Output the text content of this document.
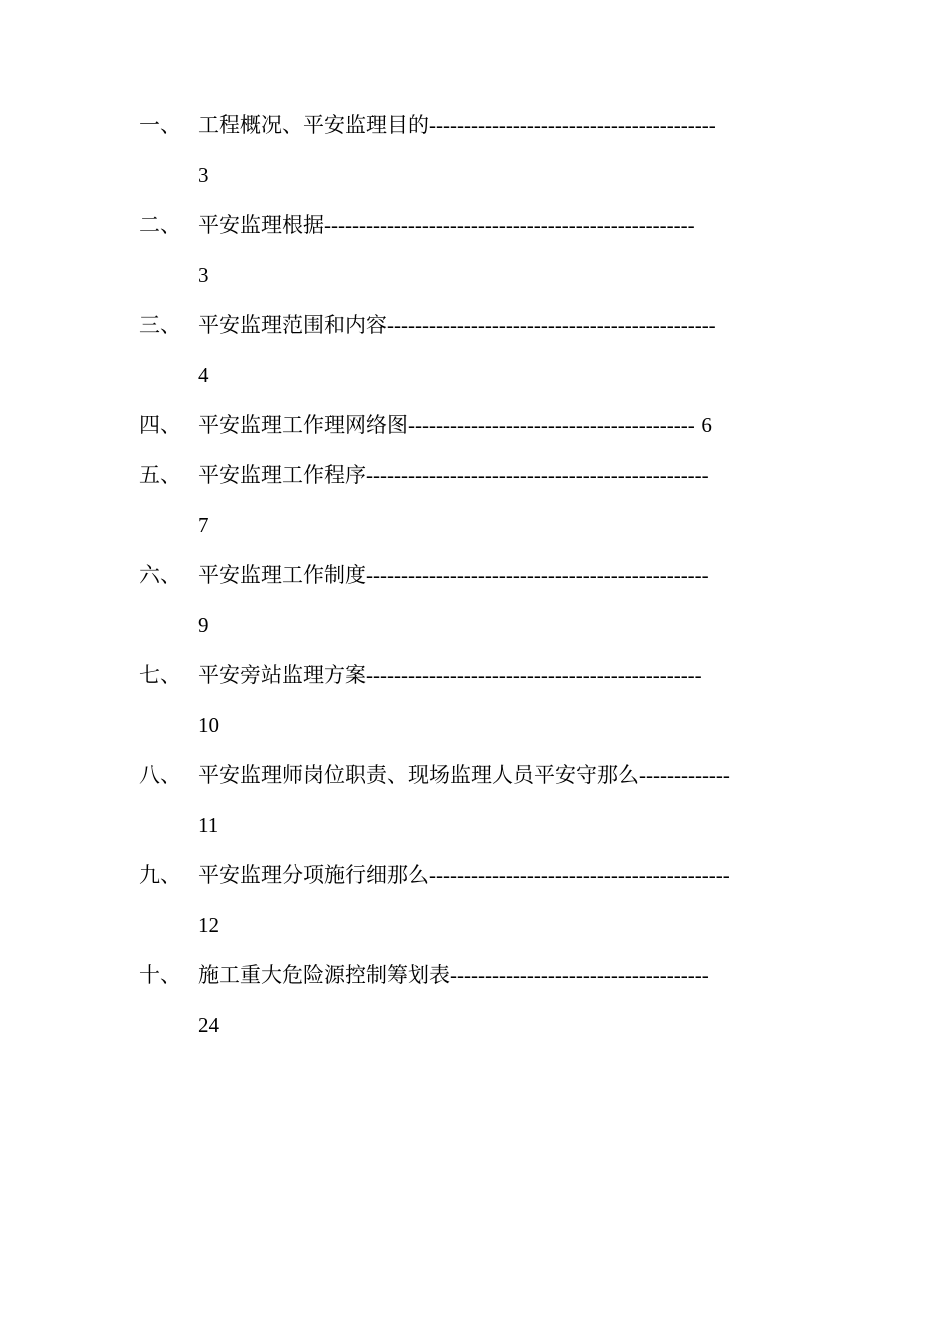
一、 工程概况、平安监理目的-----------------------------------------
3
二、 平安监理根据-----------------------------------------------------
3
三、 平安监理范围和内容-----------------------------------------------
4
四、 平安监理工作理网络图----------------------------------------- 6
五、 平安监理工作程序-------------------------------------------------
7
六、 平安监理工作制度-------------------------------------------------
9
七、 平安旁站监理方案------------------------------------------------
10
八、 平安监理师岗位职责、现场监理人员平安守那么-------------
11
九、 平安监理分项施行细那么-------------------------------------------
12
十、 施工重大危险源控制筹划表-------------------------------------
24
